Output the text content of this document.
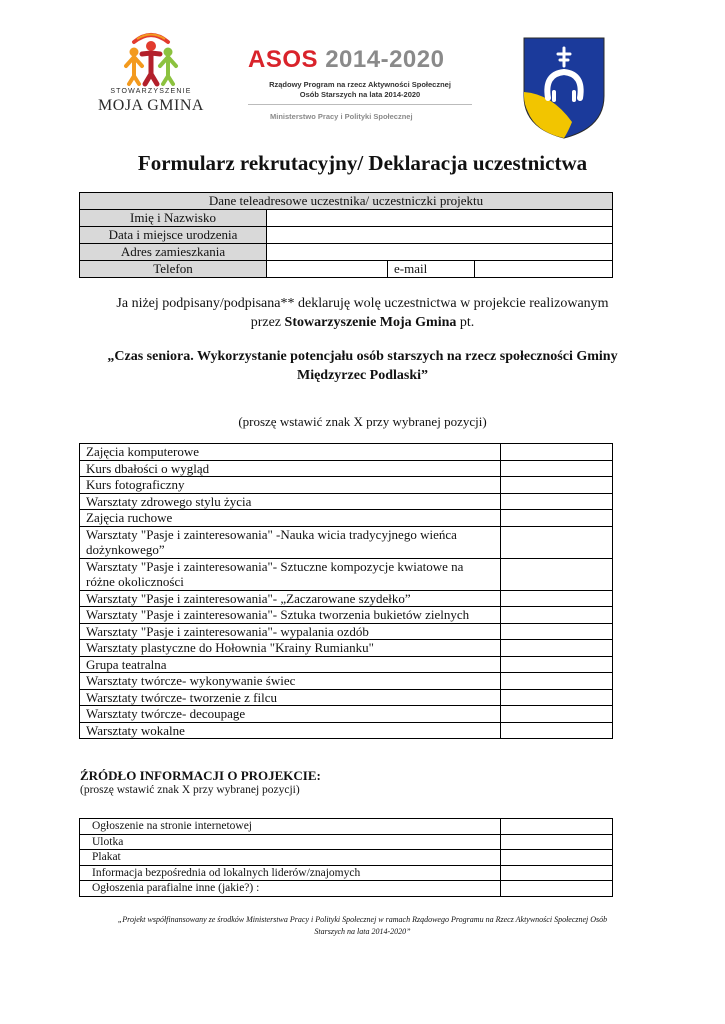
STOWARZYSZENIE
MOJA GMINA
ASOS 2014-2020
Rządowy Program na rzecz Aktywności Społecznej
Osób Starszych na lata 2014-2020
Ministerstwo Pracy i Polityki Społecznej
Formularz rekrutacyjny/ Deklaracja uczestnictwa
Dane teleadresowe uczestnika/ uczestniczki projektu			
Imię i Nazwisko			
Data i miejsce urodzenia			
Adres zamieszkania			
Telefon		e-mail	
Ja niżej podpisany/podpisana** deklaruję wolę uczestnictwa w projekcie realizowanym
przez Stowarzyszenie Moja Gmina pt.
„Czas seniora. Wykorzystanie potencjału osób starszych na rzecz społeczności Gminy
Międzyrzec Podlaski”
(proszę wstawić znak X przy wybranej pozycji)
Zajęcia komputerowe	
Kurs dbałości o wygląd	
Kurs fotograficzny	
Warsztaty zdrowego stylu życia	
Zajęcia ruchowe	
Warsztaty "Pasje i zainteresowania" -Nauka wicia tradycyjnego wieńca dożynkowego”	
Warsztaty "Pasje i zainteresowania"- Sztuczne kompozycje kwiatowe na różne okoliczności	
Warsztaty "Pasje i zainteresowania"- „Zaczarowane szydełko”	
Warsztaty "Pasje i zainteresowania"- Sztuka tworzenia bukietów zielnych	
Warsztaty "Pasje i zainteresowania"- wypalania ozdób	
Warsztaty plastyczne do Hołownia "Krainy Rumianku"	
Grupa teatralna	
Warsztaty twórcze- wykonywanie świec	
Warsztaty twórcze- tworzenie z filcu	
Warsztaty twórcze- decoupage	
Warsztaty wokalne	
ŹRÓDŁO INFORMACJI O PROJEKCIE:
(proszę wstawić znak X przy wybranej pozycji)
Ogłoszenie na stronie internetowej	
Ulotka	
Plakat	
Informacja bezpośrednia od lokalnych liderów/znajomych	
Ogłoszenia parafialne inne (jakie?) :	
„Projekt współfinansowany ze środków Ministerstwa Pracy i Polityki Społecznej w ramach Rządowego Programu na Rzecz Aktywności Społecznej Osób
Starszych na lata 2014-2020”
